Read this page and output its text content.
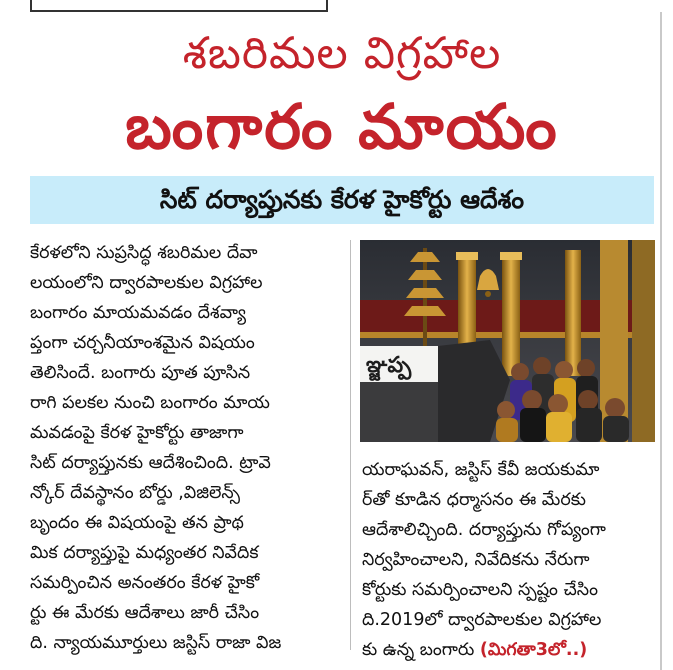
శబరిమల విగ్రహాల
బంగారం మాయం
సిట్ దర్యాప్తునకు కేరళ హైకోర్టు ఆదేశం
కేరళలోని సుప్రసిద్ధ శబరిమల దేవా
లయంలోని ద్వారపాలకుల విగ్రహాల
బంగారం మాయమవడం దేశవ్యా
ప్తంగా చర్చనీయాంశమైన విషయం
తెలిసిందే. బంగారు పూత పూసిన
రాగి పలకల నుంచి బంగారం మాయ
మవడంపై కేరళ హైకోర్టు తాజాగా
సిట్ దర్యాప్తునకు ఆదేశించింది. ట్రావె
న్కోర్ దేవస్థానం బోర్డు ,విజిలెన్స్
బృందం ఈ విషయంపై తన ప్రాథ
మిక దర్యాప్తుపై మధ్యంతర నివేదిక
సమర్పించిన అనంతరం కేరళ హైకో
ర్టు ఈ మేరకు ఆదేశాలు జారీ చేసిం
ది. న్యాయమూర్తులు జస్టిస్ రాజా విజ
ఞ్జప్ప
యరాఘవన్, జస్టిస్ కేవీ జయకుమా
ర్‌తో కూడిన ధర్మాసనం ఈ మేరకు
ఆదేశాలిచ్చింది. దర్యాప్తును గోప్యంగా
నిర్వహించాలని, నివేదికను నేరుగా
కోర్టుకు సమర్పించాలని స్పష్టం చేసిం
ది.2019లో ద్వారపాలకుల విగ్రహాల
కు ఉన్న బంగారు (మిగతా3లో..)
